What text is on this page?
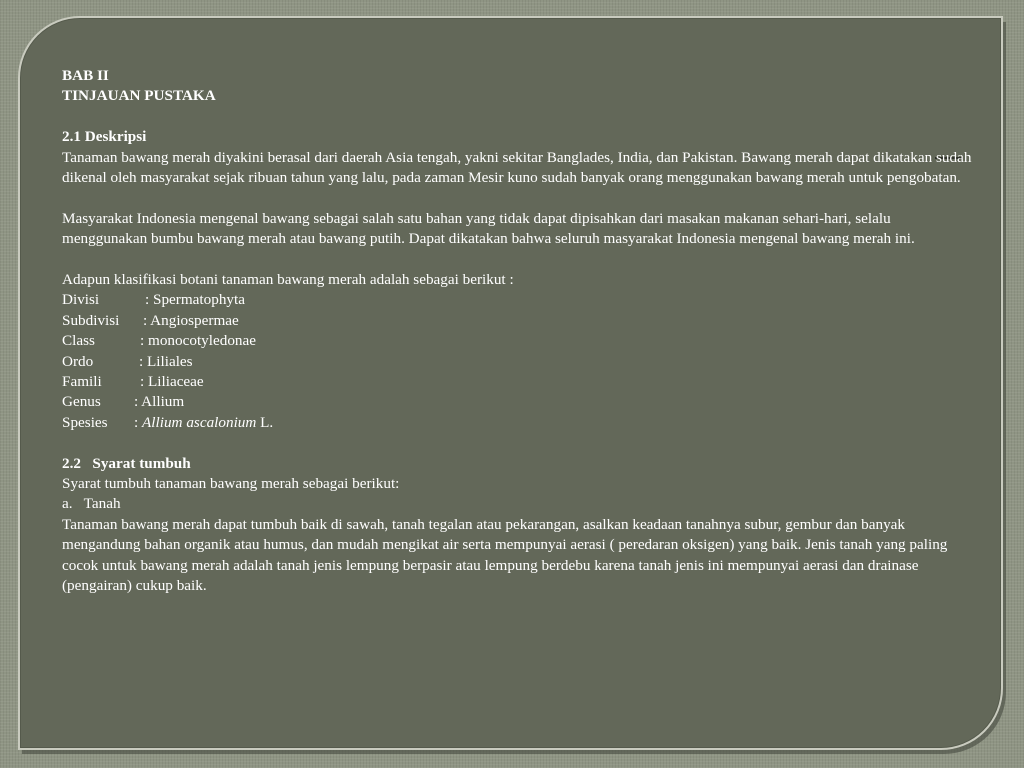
BAB II

TINJAUAN PUSTAKA

2.1 Deskripsi

Tanaman bawang merah diyakini berasal dari daerah Asia tengah, yakni sekitar Banglades, India, dan Pakistan. Bawang merah dapat dikatakan sudah dikenal oleh masyarakat sejak ribuan tahun yang lalu, pada zaman Mesir kuno sudah banyak orang menggunakan bawang merah untuk pengobatan.

Masyarakat Indonesia mengenal bawang sebagai salah satu bahan yang tidak dapat dipisahkan dari masakan makanan sehari-hari, selalu menggunakan bumbu bawang merah atau bawang putih. Dapat dikatakan bahwa seluruh masyarakat Indonesia mengenal bawang merah ini.

Adapun klasifikasi botani tanaman bawang merah adalah sebagai berikut :

Divisi	: Spermatophyta
Subdivisi	: Angiospermae
Class	: monocotyledonae
Ordo	: Liliales
Famili	: Liliaceae
Genus	: Allium
Spesies	: Allium ascalonium L.

2.2   Syarat tumbuh

Syarat tumbuh tanaman bawang merah sebagai berikut:

a.   Tanah

Tanaman bawang merah dapat tumbuh baik di sawah, tanah tegalan atau pekarangan, asalkan keadaan tanahnya subur, gembur dan banyak mengandung bahan organik atau humus, dan mudah mengikat air serta mempunyai aerasi ( peredaran oksigen) yang baik. Jenis tanah yang paling cocok untuk bawang merah adalah tanah jenis lempung berpasir atau lempung berdebu karena tanah jenis ini mempunyai aerasi dan drainase (pengairan) cukup baik.
